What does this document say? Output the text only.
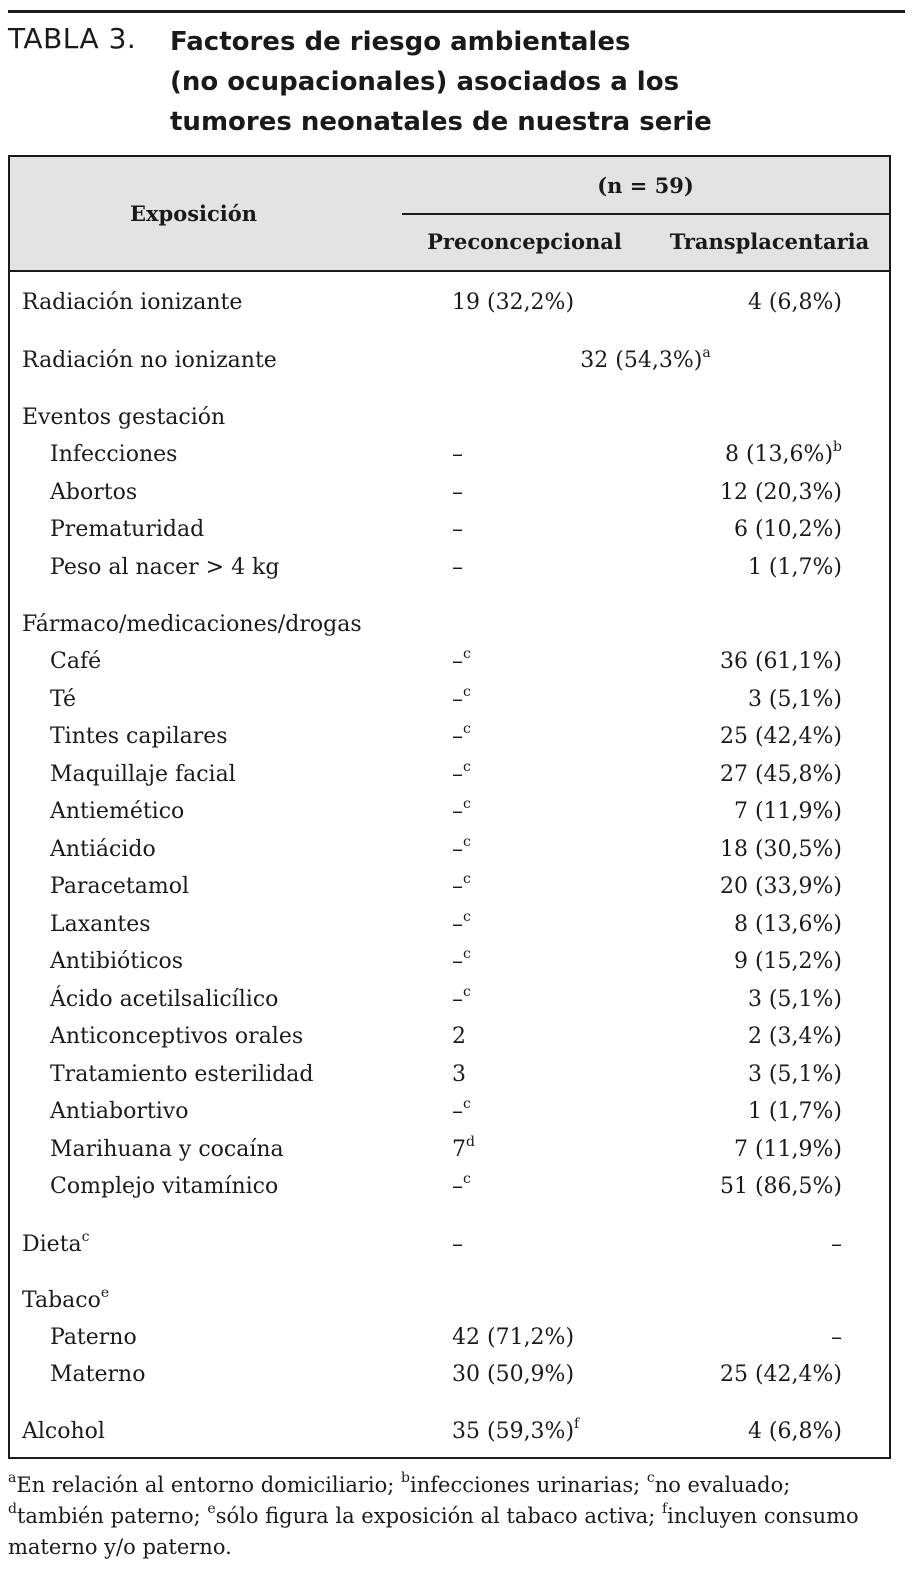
TABLA 3. Factores de riesgo ambientales
(no ocupacionales) asociados a los
tumores neonatales de nuestra serie
Exposición
(n = 59)
Preconcepcional	Transplacentaria
Radiación ionizante	19 (32,2%)	4 (6,8%)
Radiación no ionizante	32 $(54,3\%)^a$
Eventos gestación
Infecciones	–	8 $(13,6\%)^b$
Abortos	–	12 (20,3%)
Prematuridad	–	6 (10,2%)
Peso al nacer > 4 kg	–	1 (1,7%)
Fármaco/medicaciones/drogas
Café	–$^c$	36 (61,1%)
Té	–$^c$	3 (5,1%)
Tintes capilares	–$^c$	25 (42,4%)
Maquillaje facial	–$^c$	27 (45,8%)
Antiemético	–$^c$	7 (11,9%)
Antiácido	–$^c$	18 (30,5%)
Paracetamol	–$^c$	20 (33,9%)
Laxantes	–$^c$	8 (13,6%)
Antibióticos	–$^c$	9 (15,2%)
Ácido acetilsalicílico	–$^c$	3 (5,1%)
Anticonceptivos orales	2	2 (3,4%)
Tratamiento esterilidad	3	3 (5,1%)
Antiabortivo	–$^c$	1 (1,7%)
Marihuana y cocaína	7$^d$	7 (11,9%)
Complejo vitamínico	–$^c$	51 (86,5%)
Dieta$^c$	–	–
Tabaco$^e$
Paterno	42 (71,2%)	–
Materno	30 (50,9%)	25 (42,4%)
Alcohol	35 $(59,3\%)^f$	4 (6,8%)
$^a$En relación al entorno domiciliario; $^b$infecciones urinarias; $^c$no evaluado;
$^d$también paterno; $^e$sólo figura la exposición al tabaco activa; $^f$incluyen consumo
materno y/o paterno.
